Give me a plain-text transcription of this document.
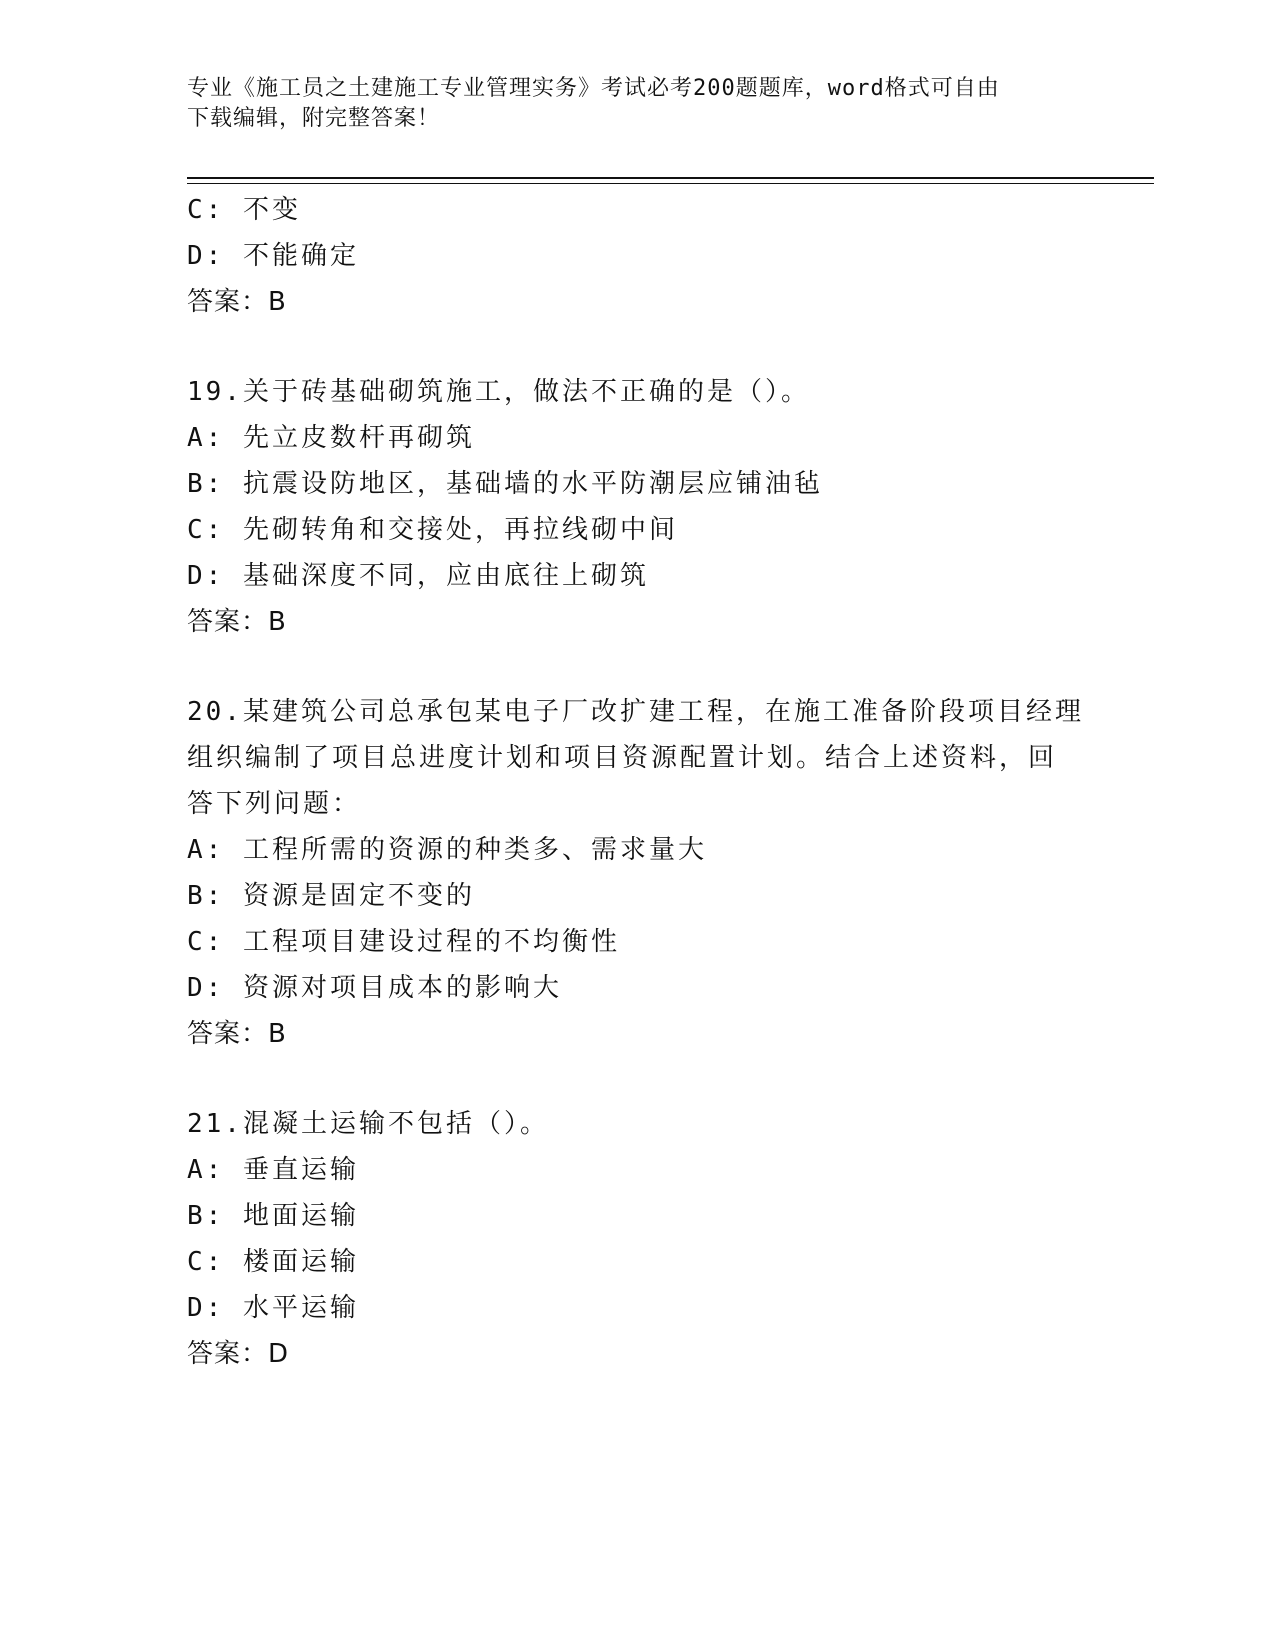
专业《施工员之土建施工专业管理实务》考试必考200题题库，word格式可自由
下载编辑，附完整答案！
C: 不变
D: 不能确定
答案：B
19.关于砖基础砌筑施工，做法不正确的是（）。
A: 先立皮数杆再砌筑
B: 抗震设防地区，基础墙的水平防潮层应铺油毡
C: 先砌转角和交接处，再拉线砌中间
D: 基础深度不同，应由底往上砌筑
答案：B
20.某建筑公司总承包某电子厂改扩建工程，在施工准备阶段项目经理
组织编制了项目总进度计划和项目资源配置计划。结合上述资料，回
答下列问题：
A: 工程所需的资源的种类多、需求量大
B: 资源是固定不变的
C: 工程项目建设过程的不均衡性
D: 资源对项目成本的影响大
答案：B
21.混凝土运输不包括（）。
A: 垂直运输
B: 地面运输
C: 楼面运输
D: 水平运输
答案：D
